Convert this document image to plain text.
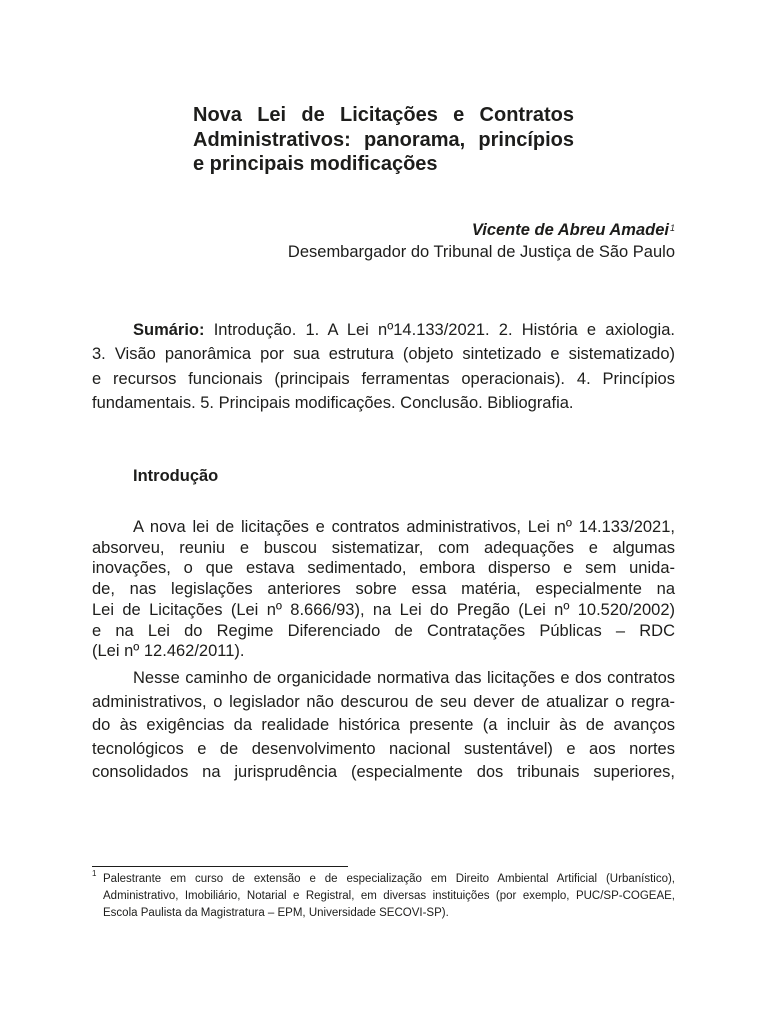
Nova Lei de Licitações e Contratos
Administrativos: panorama, princípios
e principais modificações
Vicente de Abreu Amadei$^1$
Desembargador do Tribunal de Justiça de São Paulo
Sumário: Introdução. 1. A Lei nº14.133/2021. 2. História e axiologia.
3. Visão panorâmica por sua estrutura (objeto sintetizado e sistematizado)
e recursos funcionais (principais ferramentas operacionais). 4. Princípios
fundamentais. 5. Principais modificações. Conclusão. Bibliografia.
Introdução
A nova lei de licitações e contratos administrativos, Lei nº 14.133/2021,
absorveu, reuniu e buscou sistematizar, com adequações e algumas
inovações, o que estava sedimentado, embora disperso e sem unida-
de, nas legislações anteriores sobre essa matéria, especialmente na
Lei de Licitações (Lei nº 8.666/93), na Lei do Pregão (Lei nº 10.520/2002)
e na Lei do Regime Diferenciado de Contratações Públicas – RDC
(Lei nº 12.462/2011).
Nesse caminho de organicidade normativa das licitações e dos contratos
administrativos, o legislador não descurou de seu dever de atualizar o regra-
do às exigências da realidade histórica presente (a incluir às de avanços
tecnológicos e de desenvolvimento nacional sustentável) e aos nortes
consolidados na jurisprudência (especialmente dos tribunais superiores,
1 Palestrante em curso de extensão e de especialização em Direito Ambiental Artificial (Urbanístico),
Administrativo, Imobiliário, Notarial e Registral, em diversas instituições (por exemplo, PUC/SP-COGEAE,
Escola Paulista da Magistratura – EPM, Universidade SECOVI-SP).
